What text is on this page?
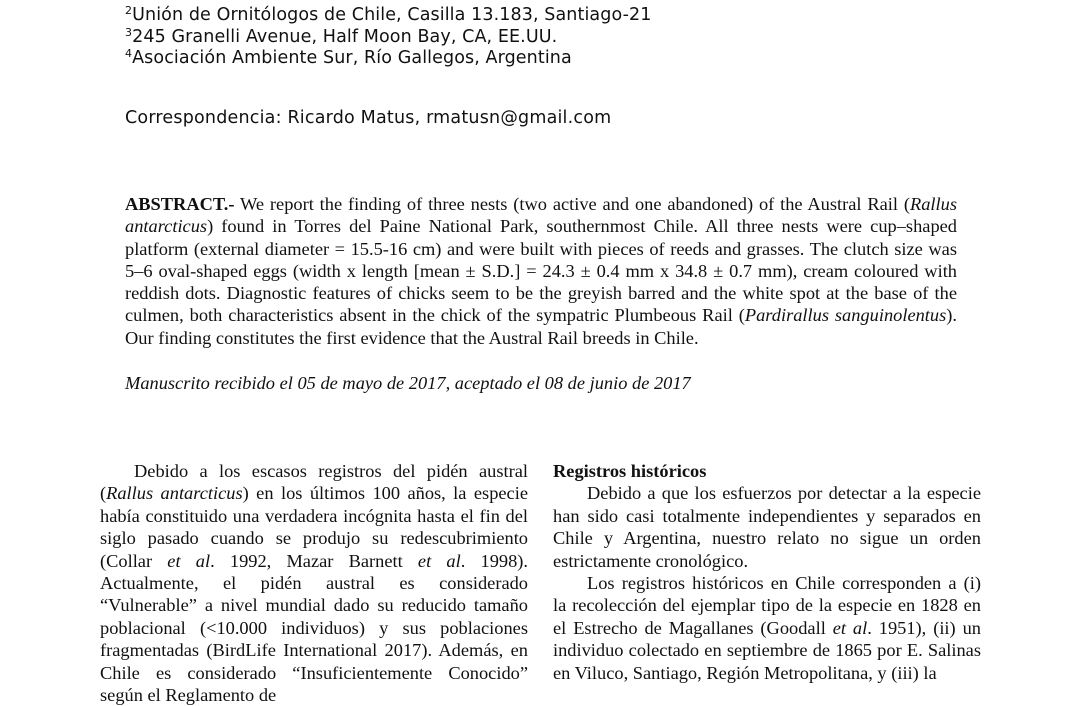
$^2$Unión de Ornitólogos de Chile, Casilla 13.183, Santiago-21
$^3$245 Granelli Avenue, Half Moon Bay, CA, EE.UU.
$^4$Asociación Ambiente Sur, Río Gallegos, Argentina
Correspondencia: Ricardo Matus, rmatusn@gmail.com
ABSTRACT.- We report the finding of three nests (two active and one abandoned) of the Austral Rail (Rallus antarcticus) found in Torres del Paine National Park, southernmost Chile. All three nests were cup–shaped platform (external diameter = 15.5-16 cm) and were built with pieces of reeds and grasses. The clutch size was 5–6 oval-shaped eggs (width x length [mean ± S.D.] = 24.3 ± 0.4 mm x 34.8 ± 0.7 mm), cream coloured with reddish dots. Diagnostic features of chicks seem to be the greyish barred and the white spot at the base of the culmen, both characteristics absent in the chick of the sympatric Plumbeous Rail (Pardirallus sanguinolentus). Our finding constitutes the first evidence that the Austral Rail breeds in Chile.
Manuscrito recibido el 05 de mayo de 2017, aceptado el 08 de junio de 2017

Debido a los escasos registros del pidén austral (Rallus antarcticus) en los últimos 100 años, la especie había constituido una verdadera incógnita hasta el fin del siglo pasado cuando se produjo su redescubrimiento (Collar et al. 1992, Mazar Barnett et al. 1998). Actualmente, el pidén austral es considerado “Vulnerable” a nivel mundial dado su reducido tamaño poblacional (<10.000 individuos) y sus poblaciones fragmentadas (BirdLife International 2017). Además, en Chile es considerado “Insuficientemente Conocido” según el Reglamento de

Registros históricos

Debido a que los esfuerzos por detectar a la especie han sido casi totalmente independientes y separados en Chile y Argentina, nuestro relato no sigue un orden estrictamente cronológico.

Los registros históricos en Chile corresponden a (i) la recolección del ejemplar tipo de la especie en 1828 en el Estrecho de Magallanes (Goodall et al. 1951), (ii) un individuo colectado en septiembre de 1865 por E. Salinas en Vilucо, Santiago, Región Metropolitana, y (iii) la
